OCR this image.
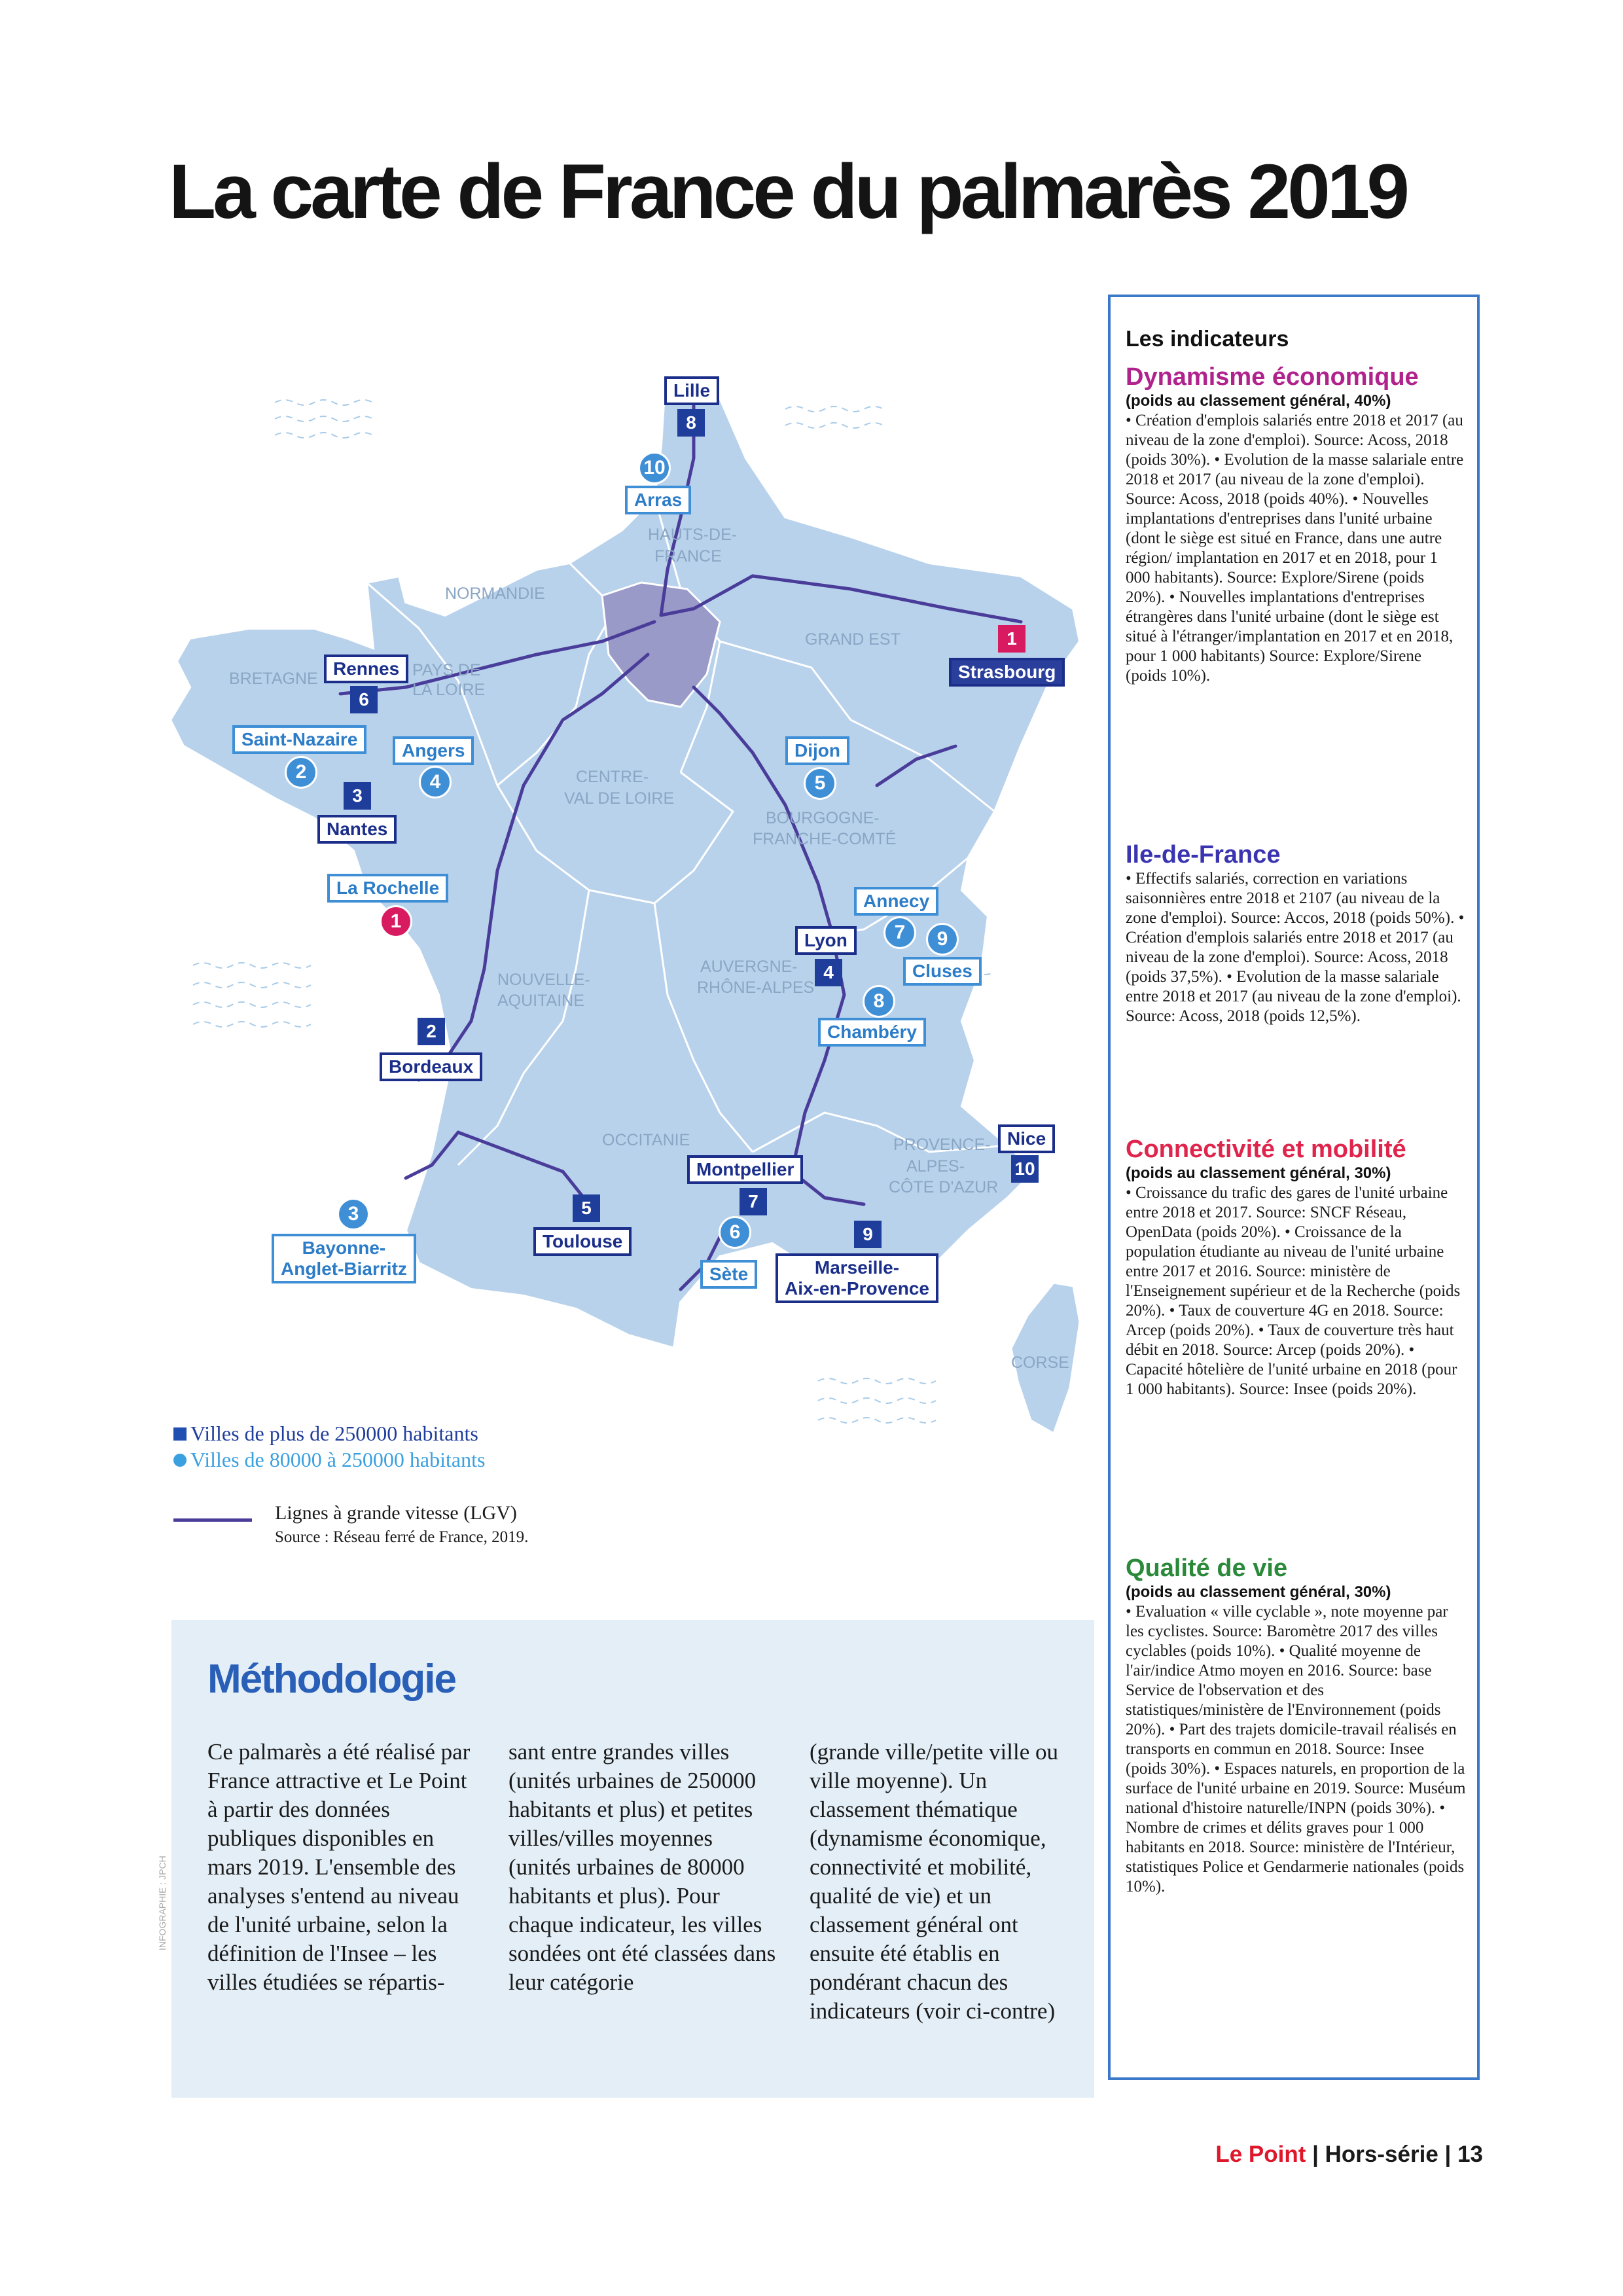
La carte de France du palmarès 2019
HAUTS-DE-
FRANCE
NORMANDIE
GRAND EST
BRETAGNE	PAYS DE
LA LOIRE
CENTRE-
VAL DE LOIRE
BOURGOGNE-
FRANCHE-COMTÉ
NOUVELLE-
AQUITAINE
AUVERGNE-
RHÔNE-ALPES
OCCITANIE	PROVENCE-
ALPES-
CÔTE D'AZUR
CORSE
Lille
8
10
Arras
1
Strasbourg
Rennes
6
Saint-Nazaire
2
Angers
4
3
Nantes
Dijon
5
La Rochelle
1
Annecy
7	9
Cluses
Lyon
4
8
Chambéry
2
Bordeaux
Nice
10
Montpellier
7
5
Toulouse	6
Sète
9
Marseille-
Aix-en-Provence
3
Bayonne-
Anglet-Biarritz
Villes de plus de 250000 habitants
Villes de 80000 à 250000 habitants
Lignes à grande vitesse (LGV)
Source : Réseau ferré de France, 2019.
Méthodologie
Ce palmarès a été réalisé par France attractive et Le Point à partir des données publiques disponibles en mars 2019. L'ensemble des analyses s'entend au niveau de l'unité urbaine, selon la définition de l'Insee – les villes étudiées se répartis-
sant entre grandes villes (unités urbaines de 250000 habitants et plus) et petites villes/villes moyennes (unités urbaines de 80000 habitants et plus). Pour chaque indicateur, les villes sondées ont été classées dans leur catégorie
(grande ville/petite ville ou ville moyenne). Un classement thématique (dynamisme économique, connectivité et mobilité, qualité de vie) et un classement général ont ensuite été établis en pondérant chacun des indicateurs (voir ci-contre)
INFOGRAPHIE : JPCH
Les indicateurs
Dynamisme économique
(poids au classement général, 40%)
• Création d'emplois salariés entre 2018 et 2017 (au niveau de la zone d'emploi). Source: Acoss, 2018 (poids 30%). • Evolution de la masse salariale entre 2018 et 2017 (au niveau de la zone d'emploi). Source: Acoss, 2018 (poids 40%). • Nouvelles implantations d'entreprises dans l'unité urbaine (dont le siège est situé en France, dans une autre région/ implantation en 2017 et en 2018, pour 1 000 habitants). Source: Explore/Sirene (poids 20%). • Nouvelles implantations d'entreprises étrangères dans l'unité urbaine (dont le siège est situé à l'étranger/implantation en 2017 et en 2018, pour 1 000 habitants) Source: Explore/Sirene (poids 10%).
Ile-de-France
• Effectifs salariés, correction en variations saisonnières entre 2018 et 2107 (au niveau de la zone d'emploi). Source: Accos, 2018 (poids 50%). • Création d'emplois salariés entre 2018 et 2017 (au niveau de la zone d'emploi). Source: Acoss, 2018 (poids 37,5%). • Evolution de la masse salariale entre 2018 et 2017 (au niveau de la zone d'emploi). Source: Acoss, 2018 (poids 12,5%).
Connectivité et mobilité
(poids au classement général, 30%)
• Croissance du trafic des gares de l'unité urbaine entre 2018 et 2017. Source: SNCF Réseau, OpenData (poids 20%). • Croissance de la population étudiante au niveau de l'unité urbaine entre 2017 et 2016. Source: ministère de l'Enseignement supérieur et de la Recherche (poids 20%). • Taux de couverture 4G en 2018. Source: Arcep (poids 20%). • Taux de couverture très haut débit en 2018. Source: Arcep (poids 20%). • Capacité hôtelière de l'unité urbaine en 2018 (pour 1 000 habitants). Source: Insee (poids 20%).
Qualité de vie
(poids au classement général, 30%)
• Evaluation « ville cyclable », note moyenne par les cyclistes. Source: Baromètre 2017 des villes cyclables (poids 10%). • Qualité moyenne de l'air/indice Atmo moyen en 2016. Source: base Service de l'observation et des statistiques/ministère de l'Environnement (poids 20%). • Part des trajets domicile-travail réalisés en transports en commun en 2018. Source: Insee (poids 30%). • Espaces naturels, en proportion de la surface de l'unité urbaine en 2019. Source: Muséum national d'histoire naturelle/INPN (poids 30%). • Nombre de crimes et délits graves pour 1 000 habitants en 2018. Source: ministère de l'Intérieur, statistiques Police et Gendarmerie nationales (poids 10%).
Le Point | Hors-série | 13
